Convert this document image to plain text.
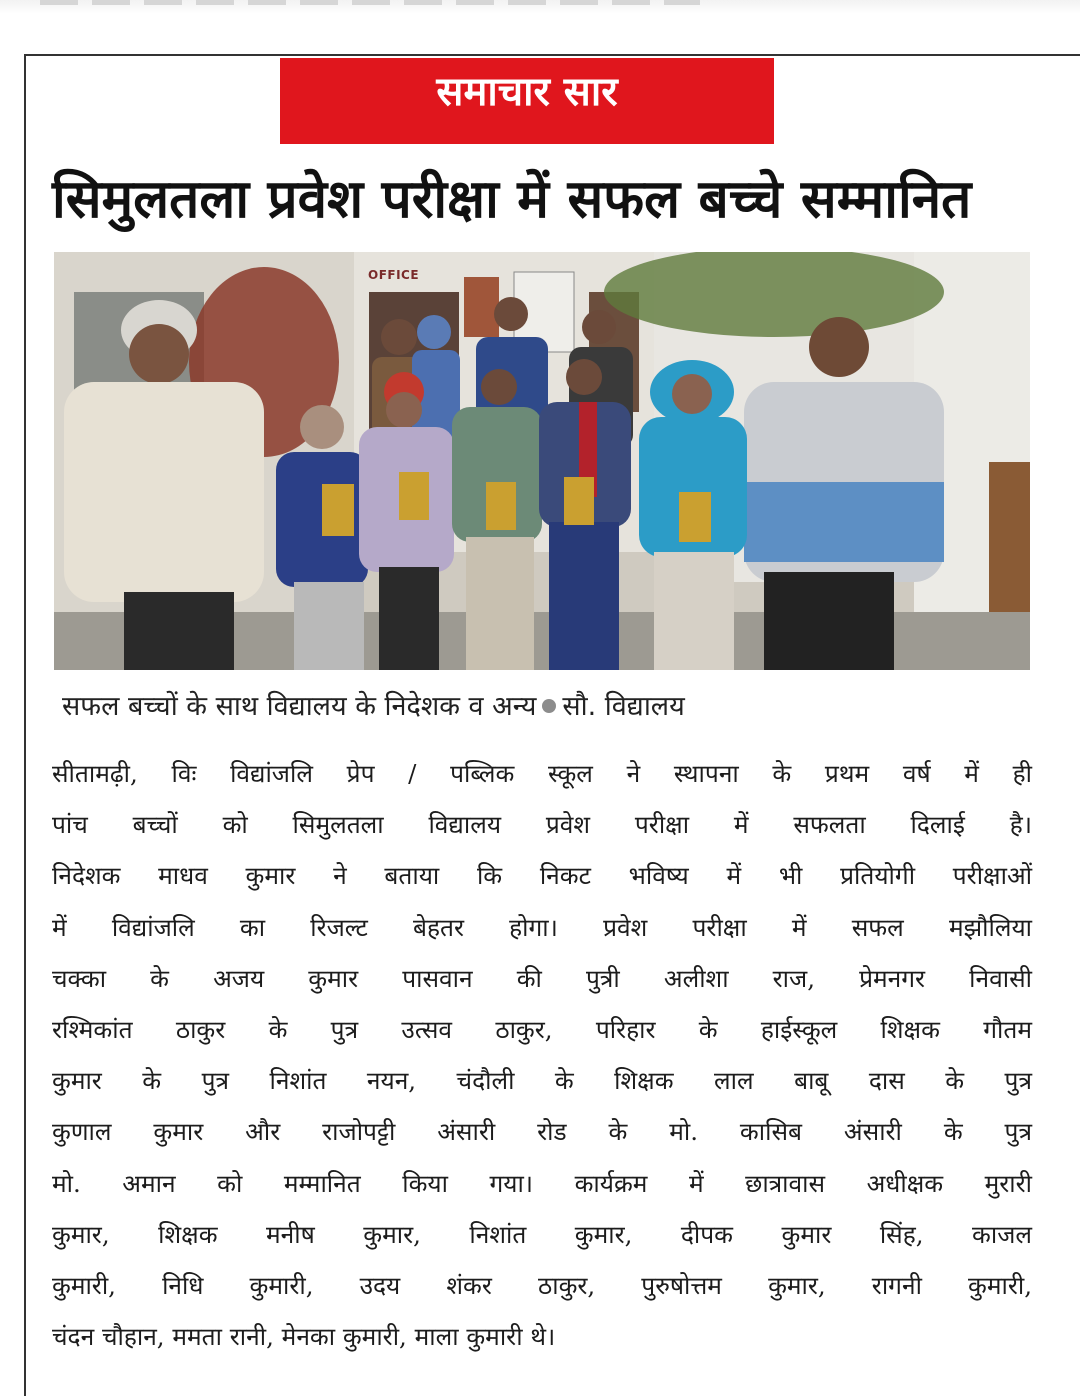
समाचार सार
सिमुलतला प्रवेश परीक्षा में सफल बच्चे सम्मानित
OFFICE
सफल बच्चों के साथ विद्यालय के निदेशक व अन्य सौ. विद्यालय
सीतामढ़ी, विः विद्यांजलि प्रेप / पब्लिक स्कूल ने स्थापना के प्रथम वर्ष में ही
पांच बच्चों को सिमुलतला विद्यालय प्रवेश परीक्षा में सफलता दिलाई है।
निदेशक माधव कुमार ने बताया कि निकट भविष्य में भी प्रतियोगी परीक्षाओं
में विद्यांजलि का रिजल्ट बेहतर होगा। प्रवेश परीक्षा में सफल मझौलिया
चक्का के अजय कुमार पासवान की पुत्री अलीशा राज, प्रेमनगर निवासी
रश्मिकांत ठाकुर के पुत्र उत्सव ठाकुर, परिहार के हाईस्कूल शिक्षक गौतम
कुमार के पुत्र निशांत नयन, चंदौली के शिक्षक लाल बाबू दास के पुत्र
कुणाल कुमार और राजोपट्टी अंसारी रोड के मो. कासिब अंसारी के पुत्र
मो. अमान को मम्मानित किया गया। कार्यक्रम में छात्रावास अधीक्षक मुरारी
कुमार, शिक्षक मनीष कुमार, निशांत कुमार, दीपक कुमार सिंह, काजल
कुमारी, निधि कुमारी, उदय शंकर ठाकुर, पुरुषोत्तम कुमार, रागनी कुमारी,
चंदन चौहान, ममता रानी, मेनका कुमारी, माला कुमारी थे।
